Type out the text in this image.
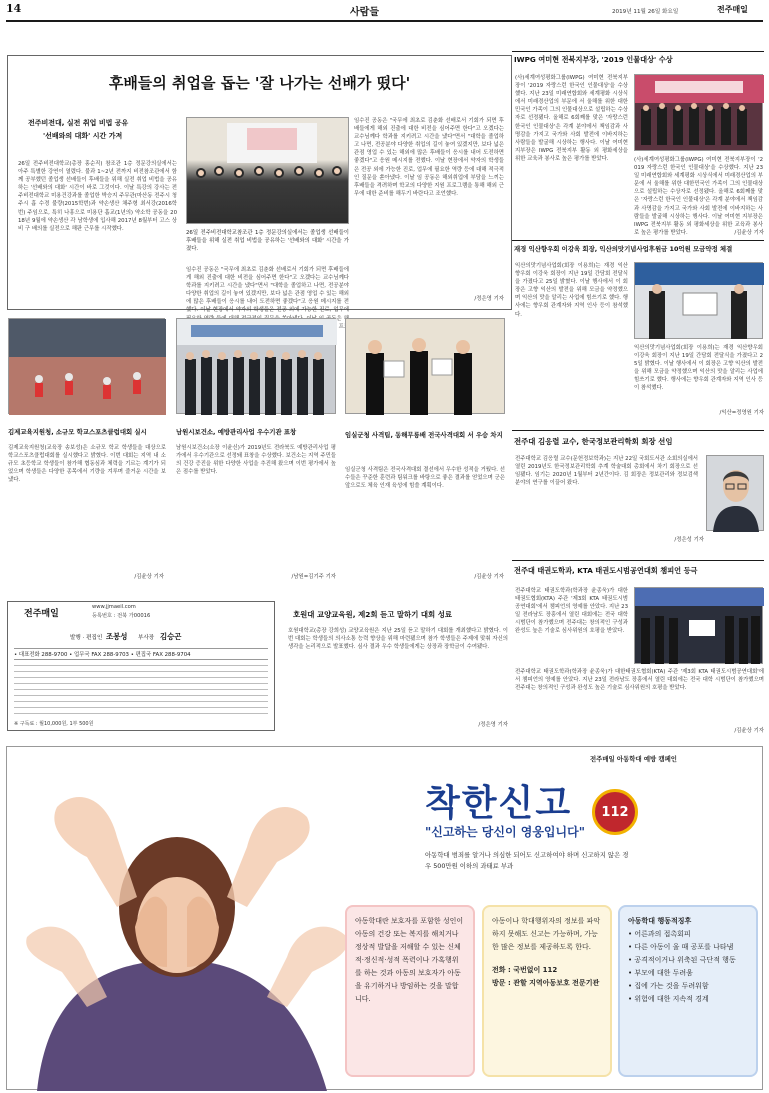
14	사람들	2019년 11월 26일 화요일	전주매일
후배들의 취업을 돕는 '잘 나가는 선배가 떴다'
전주비전대, 실전 취업 비법 공유
'선배와의 대화' 시간 가져
26일 전주비전대학교(총장 홍순직) 참조관 1층 정문강의실에서는 아주 특별한 강연이 열렸다. 불과 1~2년 전까지 비전참조관에서 함께 공부했던 졸업생 선배들이 후배들을 위해 실전 취업 비법을 공유하는 '선배와의 대화' 시간이 바로 그것이다. 이날 특강의 강사는 전주비전대학교 미용건강과를 졸업한 박승지 주무관(마산동 전주시 청주시 흡 수경 불량(2015학번)과 약손생산 채주형 최서강(2016학번) 주임으로, 특히 나흥으로 미용단 흡교(1년의) 약소학 공동을 2018년 9월에 약손생산 각 남학생에 입사해 2017년 8월부터 고스 상비 구 배의를 실전으로 해판 근무를 시작했다.
26일 전주비전대학교참조관 1층 정문강의실에서는 졸업생 선배들이 후배들을 위해 실전 취업 비법을 공유하는 '선배와의 대화' 시간을 가졌다.
임수진 공동은 "국무에 최초로 김춘화 선배로서 기회가 되면 후배들에게 해외 진출에 대한 비전을 심어주면 한다"고 오겠다는 교수님께다 학과를 지키려고 시간을 냈다"면서 "대학을 졸업하고 나면, 전공분야 다양한 취업의 길이 놓여 있겠지만, 보다 넓은 관점 영업 수 있는 해외에 많은 후배들이 응시를 내어 도전하면 좋겠다"고 응원 메시지를 전했다. 이날 현장에서 약자의 학생들은 전공 외에 가능한 진로, 업무에 프로
임수진 공동은 "국무에 최초로 김춘화 선배로서 기회가 되면 후배들에게 해외 진출에 대한 비전을 심어주면 한다"고 오겠다는 교수님께다 학과를 지키려고 시간을 냈다"면서 "대학을 졸업하고 나면, 전공분야 다양한 취업의 길이 놓여 있겠지만, 보다 넓은 관점 영업 수 있는 해외에 많은 후배들이 응시를 내어 도전하면 좋겠다"고 응원 메시지를 전했다. 이날 현장에서 약자의 학생들은 전공 외에 가능한 진로, 업무에 필요한 역량 등에 대해 적극적인 질문을 쏟아냈다. 이날 임 공동은 해외취업에 부담을 느끼는 후배들을 격려하며 학교의 다양한 지원 프로그램을 통해 해외 근무에 대한 준비를 해두기 바란다고 조언했다.
/정은영 기자
IWPG 여미현 전북지부장, '2019 인물대상' 수상
(사)세계여성평화그룹(IWPG) 여미현 전북지부장이 '2019 자랑스런 한국인 인물대상'을 수상했다. 지난 23일 미래연합회와 세계평화 시상식에서 미래경산업의 부문에 서 울해를 위한 대한민국인 가족이 그의 인물대상으로 설립하는 수상자로 선정됐다. 올해로 6회째를 맞은 '자랑스런 한국인 인물대상'은 각계 분야에서 책임감과 사명감을 가지고 국가와 사회 발전에 이바지하는 사람들을 발굴해 시상하는 행사다. 이날 여미현 지부장은 IWPG 전북지부 활동 외 평화세상을 위한 교육과 봉사로 높은 평가를 받았다.	(사)세계여성평화그룹(IWPG) 여미현 전북지부장이 '2019 자랑스런 한국인 인물대상'을 수상했다. 지난 23일 미래연합회와 세계평화 시상식에서 미래경산업의 부문에 서 울해를 위한 대한민국인 가족이 그의 인물대상으로 설립하는 수상자로 선정됐다. 올해로 6회째를 맞은 '자랑스런 한국인 인물대상'은 각계 분야에서 책임감과 사명감을 가지고 국가와 사회 발전에 이바지하는 사람들을 발굴해 시상하는 행사다. 이날 여미현 지부장은 IWPG 전북지부 활동 외 평화세상을 위한 교육과 봉사로 높은 평가를 받았다.	/김윤상 기자
재경 익산향우회 이강욱 회장, 익산의맛기념사업후원금 10억원 모금약정 체결
익산의맛기념사업회(회장 이용희)는 재경 익산향우회 이강욱 회장이 지난 19일 간담회 전달식을 가졌다고 25일 밝혔다. 이날 행사에서 이 회장은 고향 익산의 발전을 위해 모금을 약정했으며 익산의 맛을 알리는 사업에 힘쓰기로 했다. 행사에는 향우회 관계자와 지역 인사 등이 참석했다.
익산의맛기념사업회(회장 이용희)는 재경 익산향우회 이강욱 회장이 지난 19일 간담회 전달식을 가졌다고 25일 밝혔다. 이날 행사에서 이 회장은 고향 익산의 발전을 위해 모금을 약정했으며 익산의 맛을 알리는 사업에 힘쓰기로 했다. 행사에는 향우회 관계자와 지역 인사 등이 참석했다.
/익산=정영원 기자
전주대 김응렬 교수, 한국정보관리학회 회장 선임
전주대학교 김응렬 교수(문헌정보학과)는 지난 22일 국회도서관 소회의실에서 열린 2019년도 한국정보관리학회 추계 학술대회 총회에서 차기 회장으로 선임됐다. 임기는 2020년 1월부터 2년간이다. 김 회장은 정보관리와 정보검색 분야의 연구를 이끌어 왔다.
/정은성 기자
전주대 태권도학과, KTA 태권도시범공연대회 챔피언 등극
전주대학교 태권도학과(학과장 윤종욱)가 대한태권도협회(KTA) 주관 '제3회 KTA 태권도시범공연대회'에서 챔피언의 영예를 안았다. 지난 23일 전라남도 장흥에서 열린 대회에는 전국 대학 시범단이 참가했으며 전주대는 창의적인 구성과 완성도 높은 기술로 심사위원의 호평을 받았다.
전주대학교 태권도학과(학과장 윤종욱)가 대한태권도협회(KTA) 주관 '제3회 KTA 태권도시범공연대회'에서 챔피언의 영예를 안았다. 지난 23일 전라남도 장흥에서 열린 대회에는 전국 대학 시범단이 참가했으며 전주대는 창의적인 구성과 완성도 높은 기술로 심사위원의 호평을 받았다.
/김윤상 기자
김제교육지원청, 소규모 학교스포츠클럽대회 실시
김제교육지원청(교육장 송보성)은 소규모 학교 학생들을 대상으로 학교스포츠클럽대회를 실시했다고 밝혔다. 이번 대회는 지역 내 소규모 초등학교 학생들이 참가해 협동심과 체력을 기르는 계기가 되었으며 학생들은 다양한 종목에서 기량을 겨루며 즐거운 시간을 보냈다.
/김윤상 기자
남원시보건소, 예방관리사업 우수기관 표창
남원시보건소(소장 이윤신)가 2019년도 전라북도 예방관리사업 평가에서 우수기관으로 선정돼 표창을 수상했다. 보건소는 지역 주민들의 건강 증진을 위한 다양한 사업을 추진해 왔으며 이번 평가에서 높은 점수를 받았다.
/남원=김기주 기자
임실군청 사격팀, 동해무릉배 전국사격대회 서 우승 차지
임실군청 사격팀은 전국사격대회 결선에서 우수한 성적을 거뒀다. 선수들은 꾸준한 훈련과 팀워크를 바탕으로 좋은 결과를 얻었으며 군은 앞으로도 체육 인재 육성에 힘쓸 계획이다.
/김윤상 기자
전주매일
www.jjmaeil.com
등록번호 : 전북 가00016
발행 · 편집인 조봉성 부사장 김승곤
• 대표전화 288-9700 • 업무국 FAX 288-9703 • 편집국 FAX 288-9704
※ 구독료 : 월10,000원, 1부 500원
호원대 교양교육원, 제2회 듣고 말하기 대회 성료
호원대학교(총장 강희성) 교양교육원은 지난 25일 듣고 말하기 대회를 개최했다고 밝혔다. 이번 대회는 학생들의 의사소통 능력 향상을 위해 마련됐으며 참가 학생들은 주제에 맞춰 자신의 생각을 논리적으로 발표했다. 심사 결과 우수 학생들에게는 상장과 장학금이 수여됐다.
/정은영 기자
전주매일 아동학대 예방 캠페인
착한신고 112
"신고하는 당신이 영웅입니다"
아동학대 범죄를 알거나 의심한 되어도 신고하여야 하며 신고하지 않은 경우 500만원 이하의 과태료 부과
아동학대란 보호자를 포함한 성인이 아동의 건강 또는 복지를 해치거나 정상적 발달을 저해할 수 있는 신체적·정신적·성적 폭력이나 가혹행위를 하는 것과 아동의 보호자가 아동을 유기하거나 방임하는 것을 말합니다.
아동이나 학대행위자의 정보를 파악하지 못해도 신고는 가능하며, 가능한 많은 정보를 제공하도록 한다.
전화 : 국번없이 112
방문 : 관할 지역아동보호 전문기관
아동학대 행동적징후
• 어른과의 접촉회피
• 다른 아동이 울 때 공포를 나타냄
• 공격적이거나 위축된 극단적 행동
• 부모에 대한 두려움
• 집에 가는 것을 두려워함
• 위험에 대한 지속적 경계
